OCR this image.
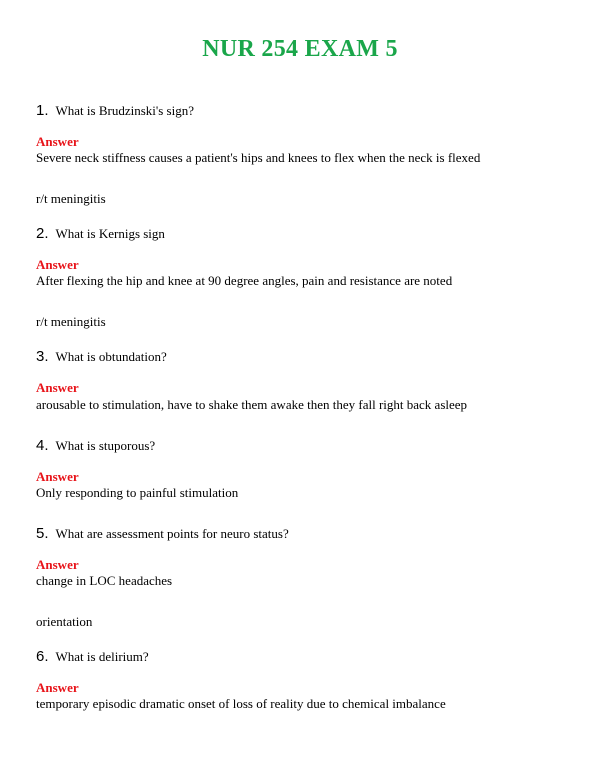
NUR 254 EXAM 5
1. What is Brudzinski's sign?
Answer
Severe neck stiffness causes a patient's hips and knees to flex when the neck is flexed
r/t meningitis
2. What is Kernigs sign
Answer
After flexing the hip and knee at 90 degree angles, pain and resistance are noted
r/t meningitis
3. What is obtundation?
Answer
arousable to stimulation, have to shake them awake then they fall right back asleep
4. What is stuporous?
Answer
Only responding to painful stimulation
5. What are assessment points for neuro status?
Answer
change in LOC headaches
orientation
6. What is delirium?
Answer
temporary episodic dramatic onset of loss of reality due to chemical imbalance
